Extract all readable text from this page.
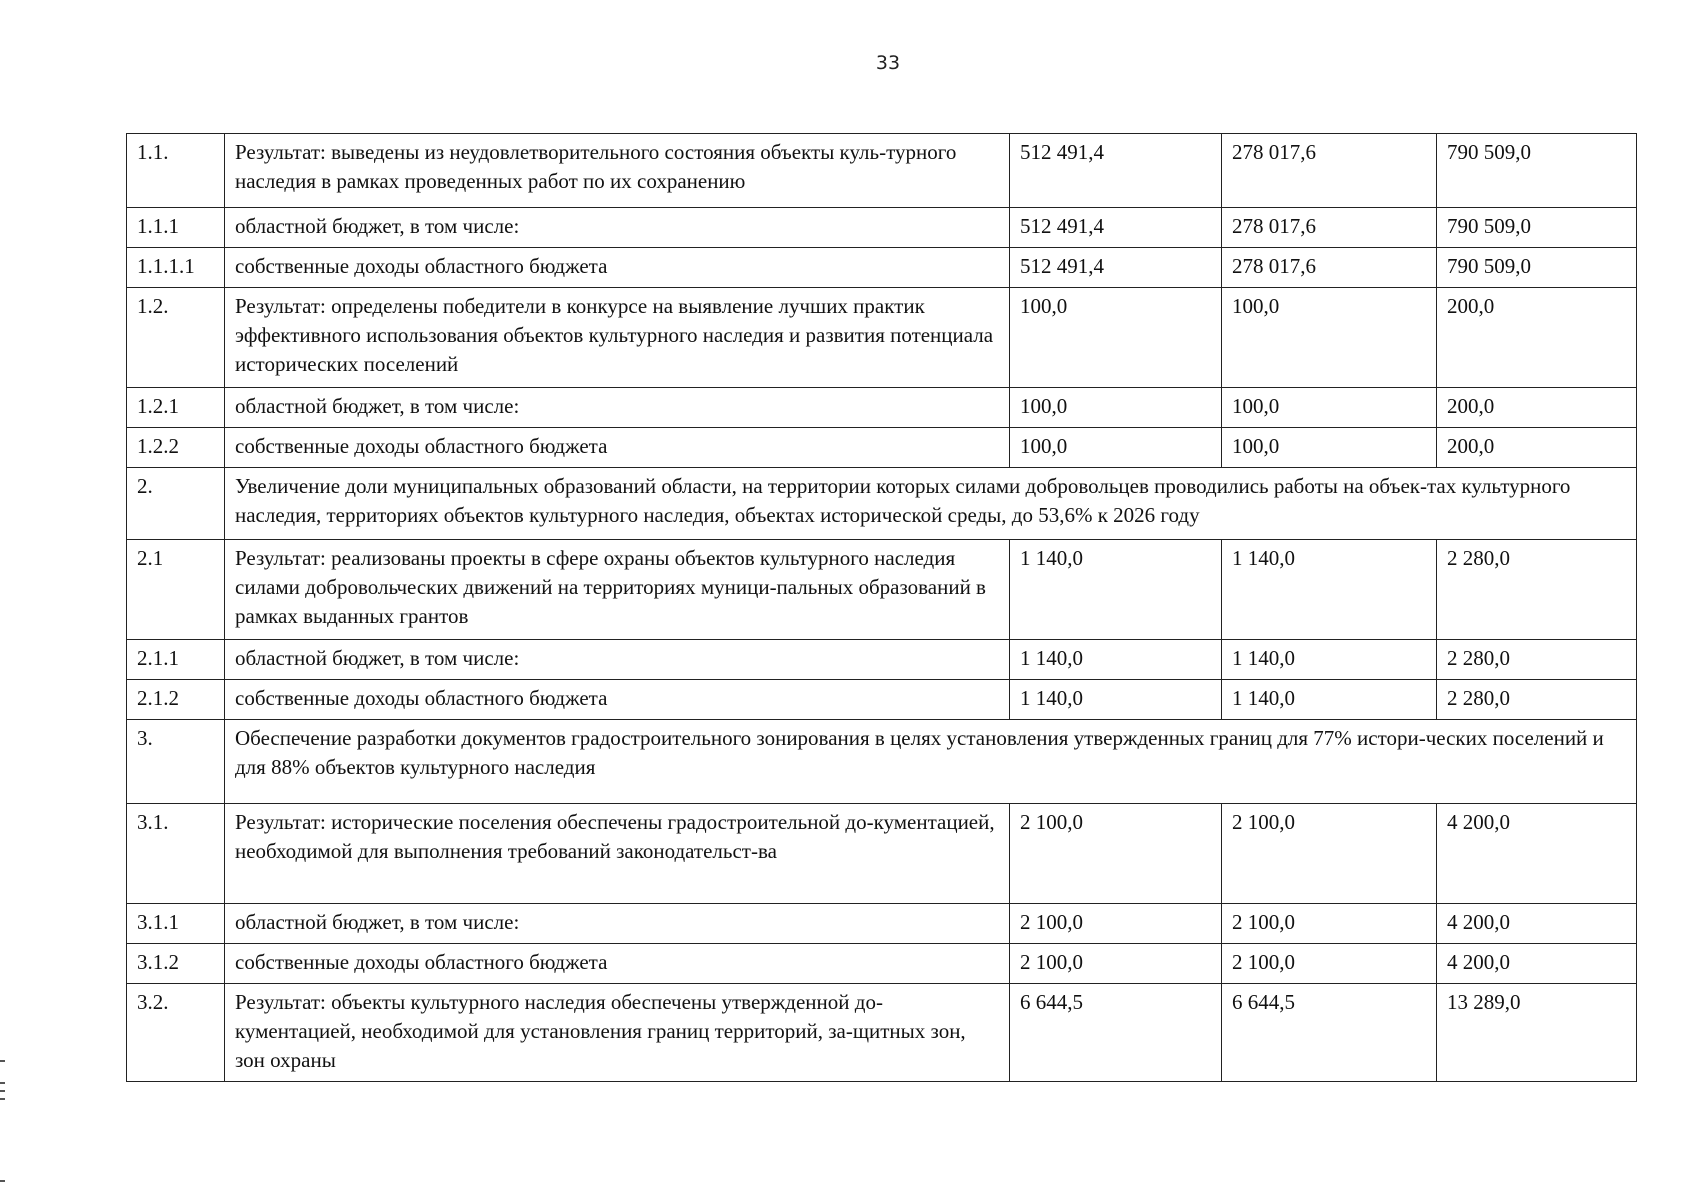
33
1.1.	Результат: выведены из неудовлетворительного состояния объекты куль-турного наследия в рамках проведенных работ по их сохранению	512 491,4	278 017,6	790 509,0
1.1.1	областной бюджет, в том числе:	512 491,4	278 017,6	790 509,0
1.1.1.1	собственные доходы областного бюджета	512 491,4	278 017,6	790 509,0
1.2.	Результат: определены победители в конкурсе на выявление лучших практик эффективного использования объектов культурного наследия и развития потенциала исторических поселений	100,0	100,0	200,0
1.2.1	областной бюджет, в том числе:	100,0	100,0	200,0
1.2.2	собственные доходы областного бюджета	100,0	100,0	200,0
2.	Увеличение доли муниципальных образований области, на территории которых силами добровольцев проводились работы на объек-тах культурного наследия, территориях объектов культурного наследия, объектах исторической среды, до 53,6% к 2026 году			
2.1	Результат: реализованы проекты в сфере охраны объектов культурного наследия силами добровольческих движений на территориях муници-пальных образований в рамках выданных грантов	1 140,0	1 140,0	2 280,0
2.1.1	областной бюджет, в том числе:	1 140,0	1 140,0	2 280,0
2.1.2	собственные доходы областного бюджета	1 140,0	1 140,0	2 280,0
3.	Обеспечение разработки документов градостроительного зонирования в целях установления утвержденных границ для 77% истори-ческих поселений и для 88% объектов культурного наследия			
3.1.	Результат: исторические поселения обеспечены градостроительной до-кументацией, необходимой для выполнения требований законодательст-ва	2 100,0	2 100,0	4 200,0
3.1.1	областной бюджет, в том числе:	2 100,0	2 100,0	4 200,0
3.1.2	собственные доходы областного бюджета	2 100,0	2 100,0	4 200,0
3.2.	Результат: объекты культурного наследия обеспечены утвержденной до-кументацией, необходимой для установления границ территорий, за-щитных зон, зон охраны	6 644,5	6 644,5	13 289,0
